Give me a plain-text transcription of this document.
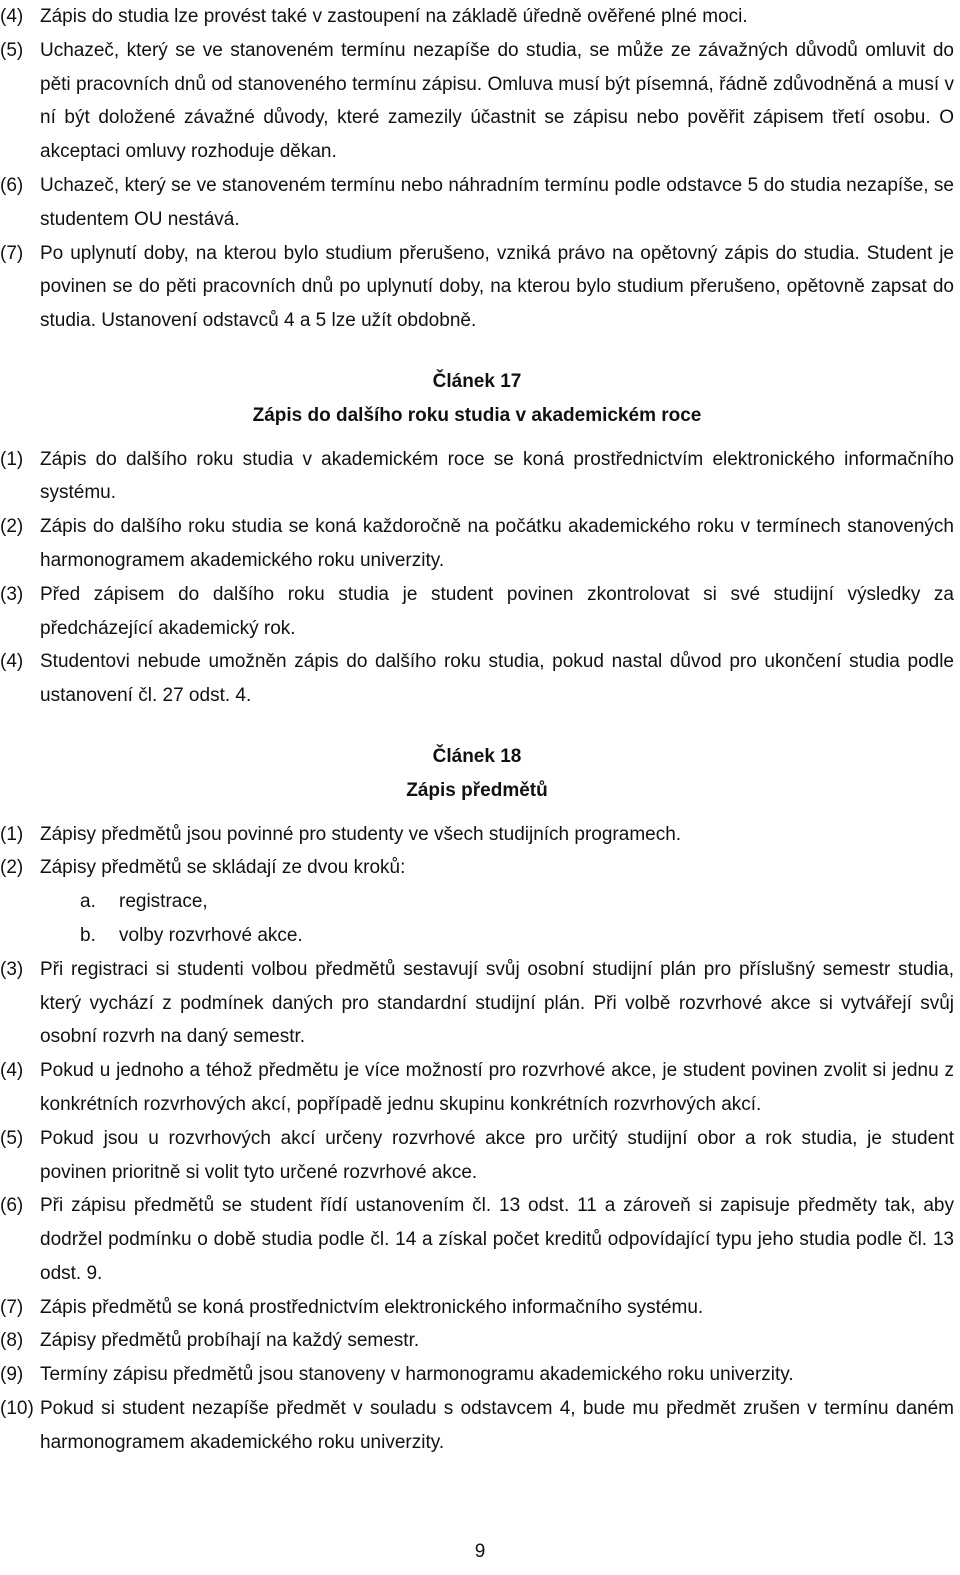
(4) Zápis do studia lze provést také v zastoupení na základě úředně ověřené plné moci.
(5) Uchazeč, který se ve stanoveném termínu nezapíše do studia, se může ze závažných důvodů omluvit do pěti pracovních dnů od stanoveného termínu zápisu. Omluva musí být písemná, řádně zdůvodněná a musí v ní být doložené závažné důvody, které zamezily účastnit se zápisu nebo pověřit zápisem třetí osobu. O akceptaci omluvy rozhoduje děkan.
(6) Uchazeč, který se ve stanoveném termínu nebo náhradním termínu podle odstavce 5 do studia nezapíše, se studentem OU nestává.
(7) Po uplynutí doby, na kterou bylo studium přerušeno, vzniká právo na opětovný zápis do studia. Student je povinen se do pěti pracovních dnů po uplynutí doby, na kterou bylo studium přerušeno, opětovně zapsat do studia. Ustanovení odstavců 4 a 5 lze užít obdobně.
Článek 17
Zápis do dalšího roku studia v akademickém roce
(1) Zápis do dalšího roku studia v akademickém roce se koná prostřednictvím elektronického informačního systému.
(2) Zápis do dalšího roku studia se koná každoročně na počátku akademického roku v termínech stanovených harmonogramem akademického roku univerzity.
(3) Před zápisem do dalšího roku studia je student povinen zkontrolovat si své studijní výsledky za předcházející akademický rok.
(4) Studentovi nebude umožněn zápis do dalšího roku studia, pokud nastal důvod pro ukončení studia podle ustanovení čl. 27 odst. 4.
Článek 18
Zápis předmětů
(1) Zápisy předmětů jsou povinné pro studenty ve všech studijních programech.
(2) Zápisy předmětů se skládají ze dvou kroků:
a.	registrace,
b.	volby rozvrhové akce.
(3) Při registraci si studenti volbou předmětů sestavují svůj osobní studijní plán pro příslušný semestr studia, který vychází z podmínek daných pro standardní studijní plán. Při volbě rozvrhové akce si vytvářejí svůj osobní rozvrh na daný semestr.
(4) Pokud u jednoho a téhož předmětu je více možností pro rozvrhové akce, je student povinen zvolit si jednu z konkrétních rozvrhových akcí, popřípadě jednu skupinu konkrétních rozvrhových akcí.
(5) Pokud jsou u rozvrhových akcí určeny rozvrhové akce pro určitý studijní obor a rok studia, je student povinen prioritně si volit tyto určené rozvrhové akce.
(6) Při zápisu předmětů se student řídí ustanovením čl. 13 odst. 11 a zároveň si zapisuje předměty tak, aby dodržel podmínku o době studia podle čl. 14 a získal počet kreditů odpovídající typu jeho studia podle čl. 13 odst. 9.
(7) Zápis předmětů se koná prostřednictvím elektronického informačního systému.
(8) Zápisy předmětů probíhají na každý semestr.
(9) Termíny zápisu předmětů jsou stanoveny v harmonogramu akademického roku univerzity.
(10) Pokud si student nezapíše předmět v souladu s odstavcem 4, bude mu předmět zrušen v termínu daném harmonogramem akademického roku univerzity.
9
